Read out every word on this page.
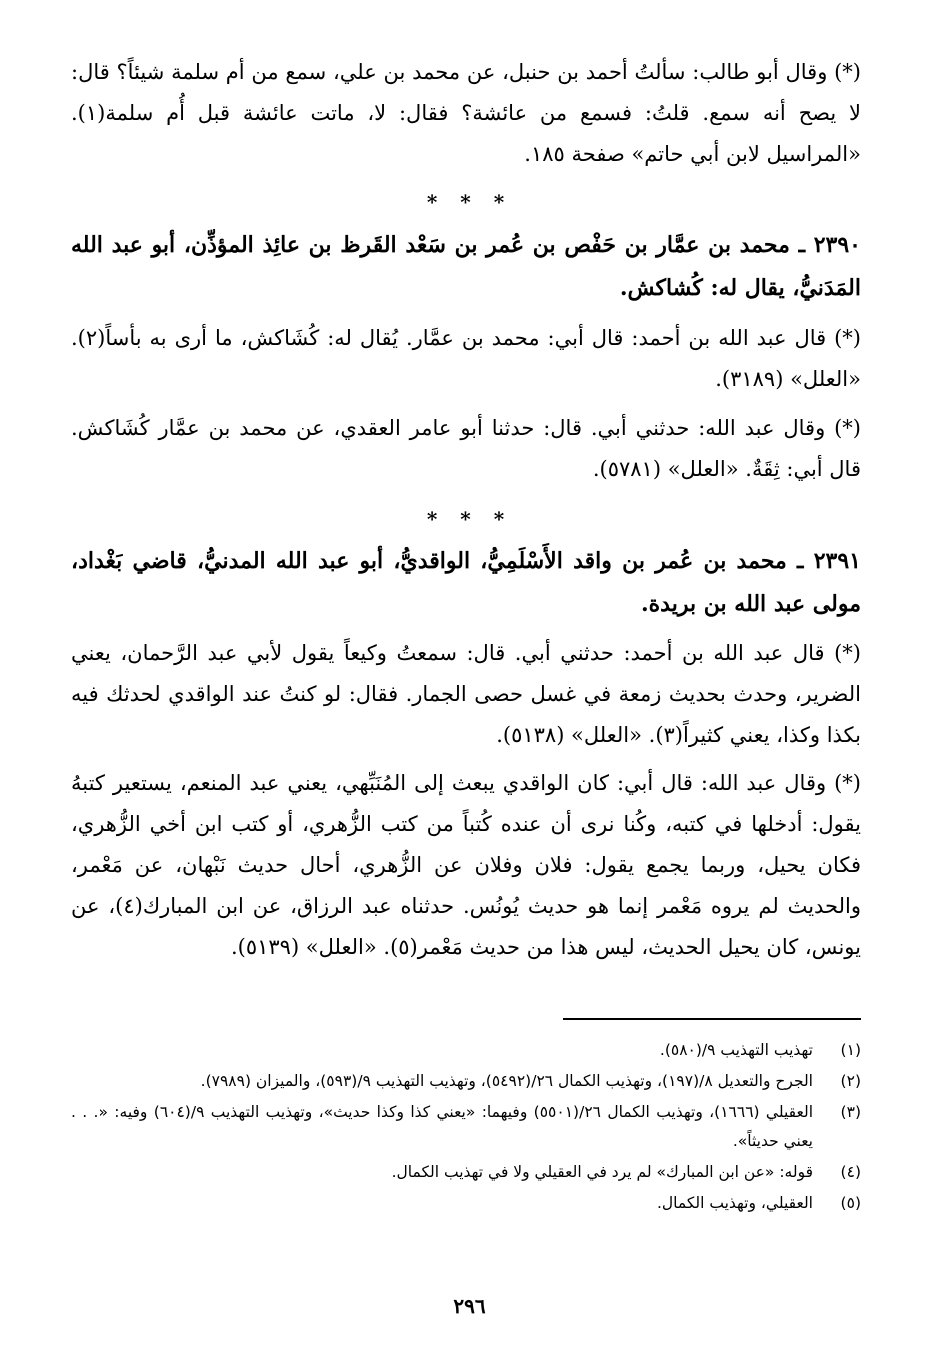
(*) وقال أبو طالب: سألتُ أحمد بن حنبل، عن محمد بن علي، سمع من أم سلمة شيئاً؟ قال: لا يصح أنه سمع. قلتُ: فسمع من عائشة؟ فقال: لا، ماتت عائشة قبل أُم سلمة(١). «المراسيل لابن أبي حاتم» صفحة ١٨٥.

* * *

٢٣٩٠ ـ محمد بن عمَّار بن حَفْص بن عُمر بن سَعْد القَرظ بن عائِذ المؤذِّن، أبو عبد الله المَدَنيُّ، يقال له: كُشاكش.

(*) قال عبد الله بن أحمد: قال أبي: محمد بن عمَّار. يُقال له: كُشَاكش، ما أرى به بأساً(٢). «العلل» (٣١٨٩).

(*) وقال عبد الله: حدثني أبي. قال: حدثنا أبو عامر العقدي، عن محمد بن عمَّار كُشَاكش. قال أبي: ثِقَةٌ. «العلل» (٥٧٨١).

* * *

٢٣٩١ ـ محمد بن عُمر بن واقد الأَسْلَمِيُّ، الواقديُّ، أبو عبد الله المدنيُّ، قاضي بَغْداد، مولى عبد الله بن بريدة.

(*) قال عبد الله بن أحمد: حدثني أبي. قال: سمعتُ وكيعاً يقول لأبي عبد الرَّحمان، يعني الضرير، وحدث بحديث زمعة في غسل حصى الجمار. فقال: لو كنتُ عند الواقدي لحدثك فيه بكذا وكذا، يعني كثيراً(٣). «العلل» (٥١٣٨).

(*) وقال عبد الله: قال أبي: كان الواقدي يبعث إلى المُنَبِّهي، يعني عبد المنعم، يستعير كتبهُ يقول: أدخلها في كتبه، وكُنا نرى أن عنده كُتباً من كتب الزُّهري، أو كتب ابن أخي الزُّهري، فكان يحيل، وربما يجمع يقول: فلان وفلان عن الزُّهري، أحال حديث نَبْهان، عن مَعْمر، والحديث لم يروه مَعْمر إنما هو حديث يُونُس. حدثناه عبد الرزاق، عن ابن المبارك(٤)، عن يونس، كان يحيل الحديث، ليس هذا من حديث مَعْمر(٥). «العلل» (٥١٣٩).

(١)
تهذيب التهذيب ٩/(٥٨٠).
(٢)
الجرح والتعديل ٨/(١٩٧)، وتهذيب الكمال ٢٦/(٥٤٩٢)، وتهذيب التهذيب ٩/(٥٩٣)، والميزان (٧٩٨٩).
(٣)
العقيلي (١٦٦٦)، وتهذيب الكمال ٢٦/(٥٥٠١) وفيهما: «يعني كذا وكذا حديث»، وتهذيب التهذيب ٩/(٦٠٤) وفيه: «. . . يعني حديثاً».
(٤)
قوله: «عن ابن المبارك» لم يرد في العقيلي ولا في تهذيب الكمال.
(٥)
العقيلي، وتهذيب الكمال.
٢٩٦
